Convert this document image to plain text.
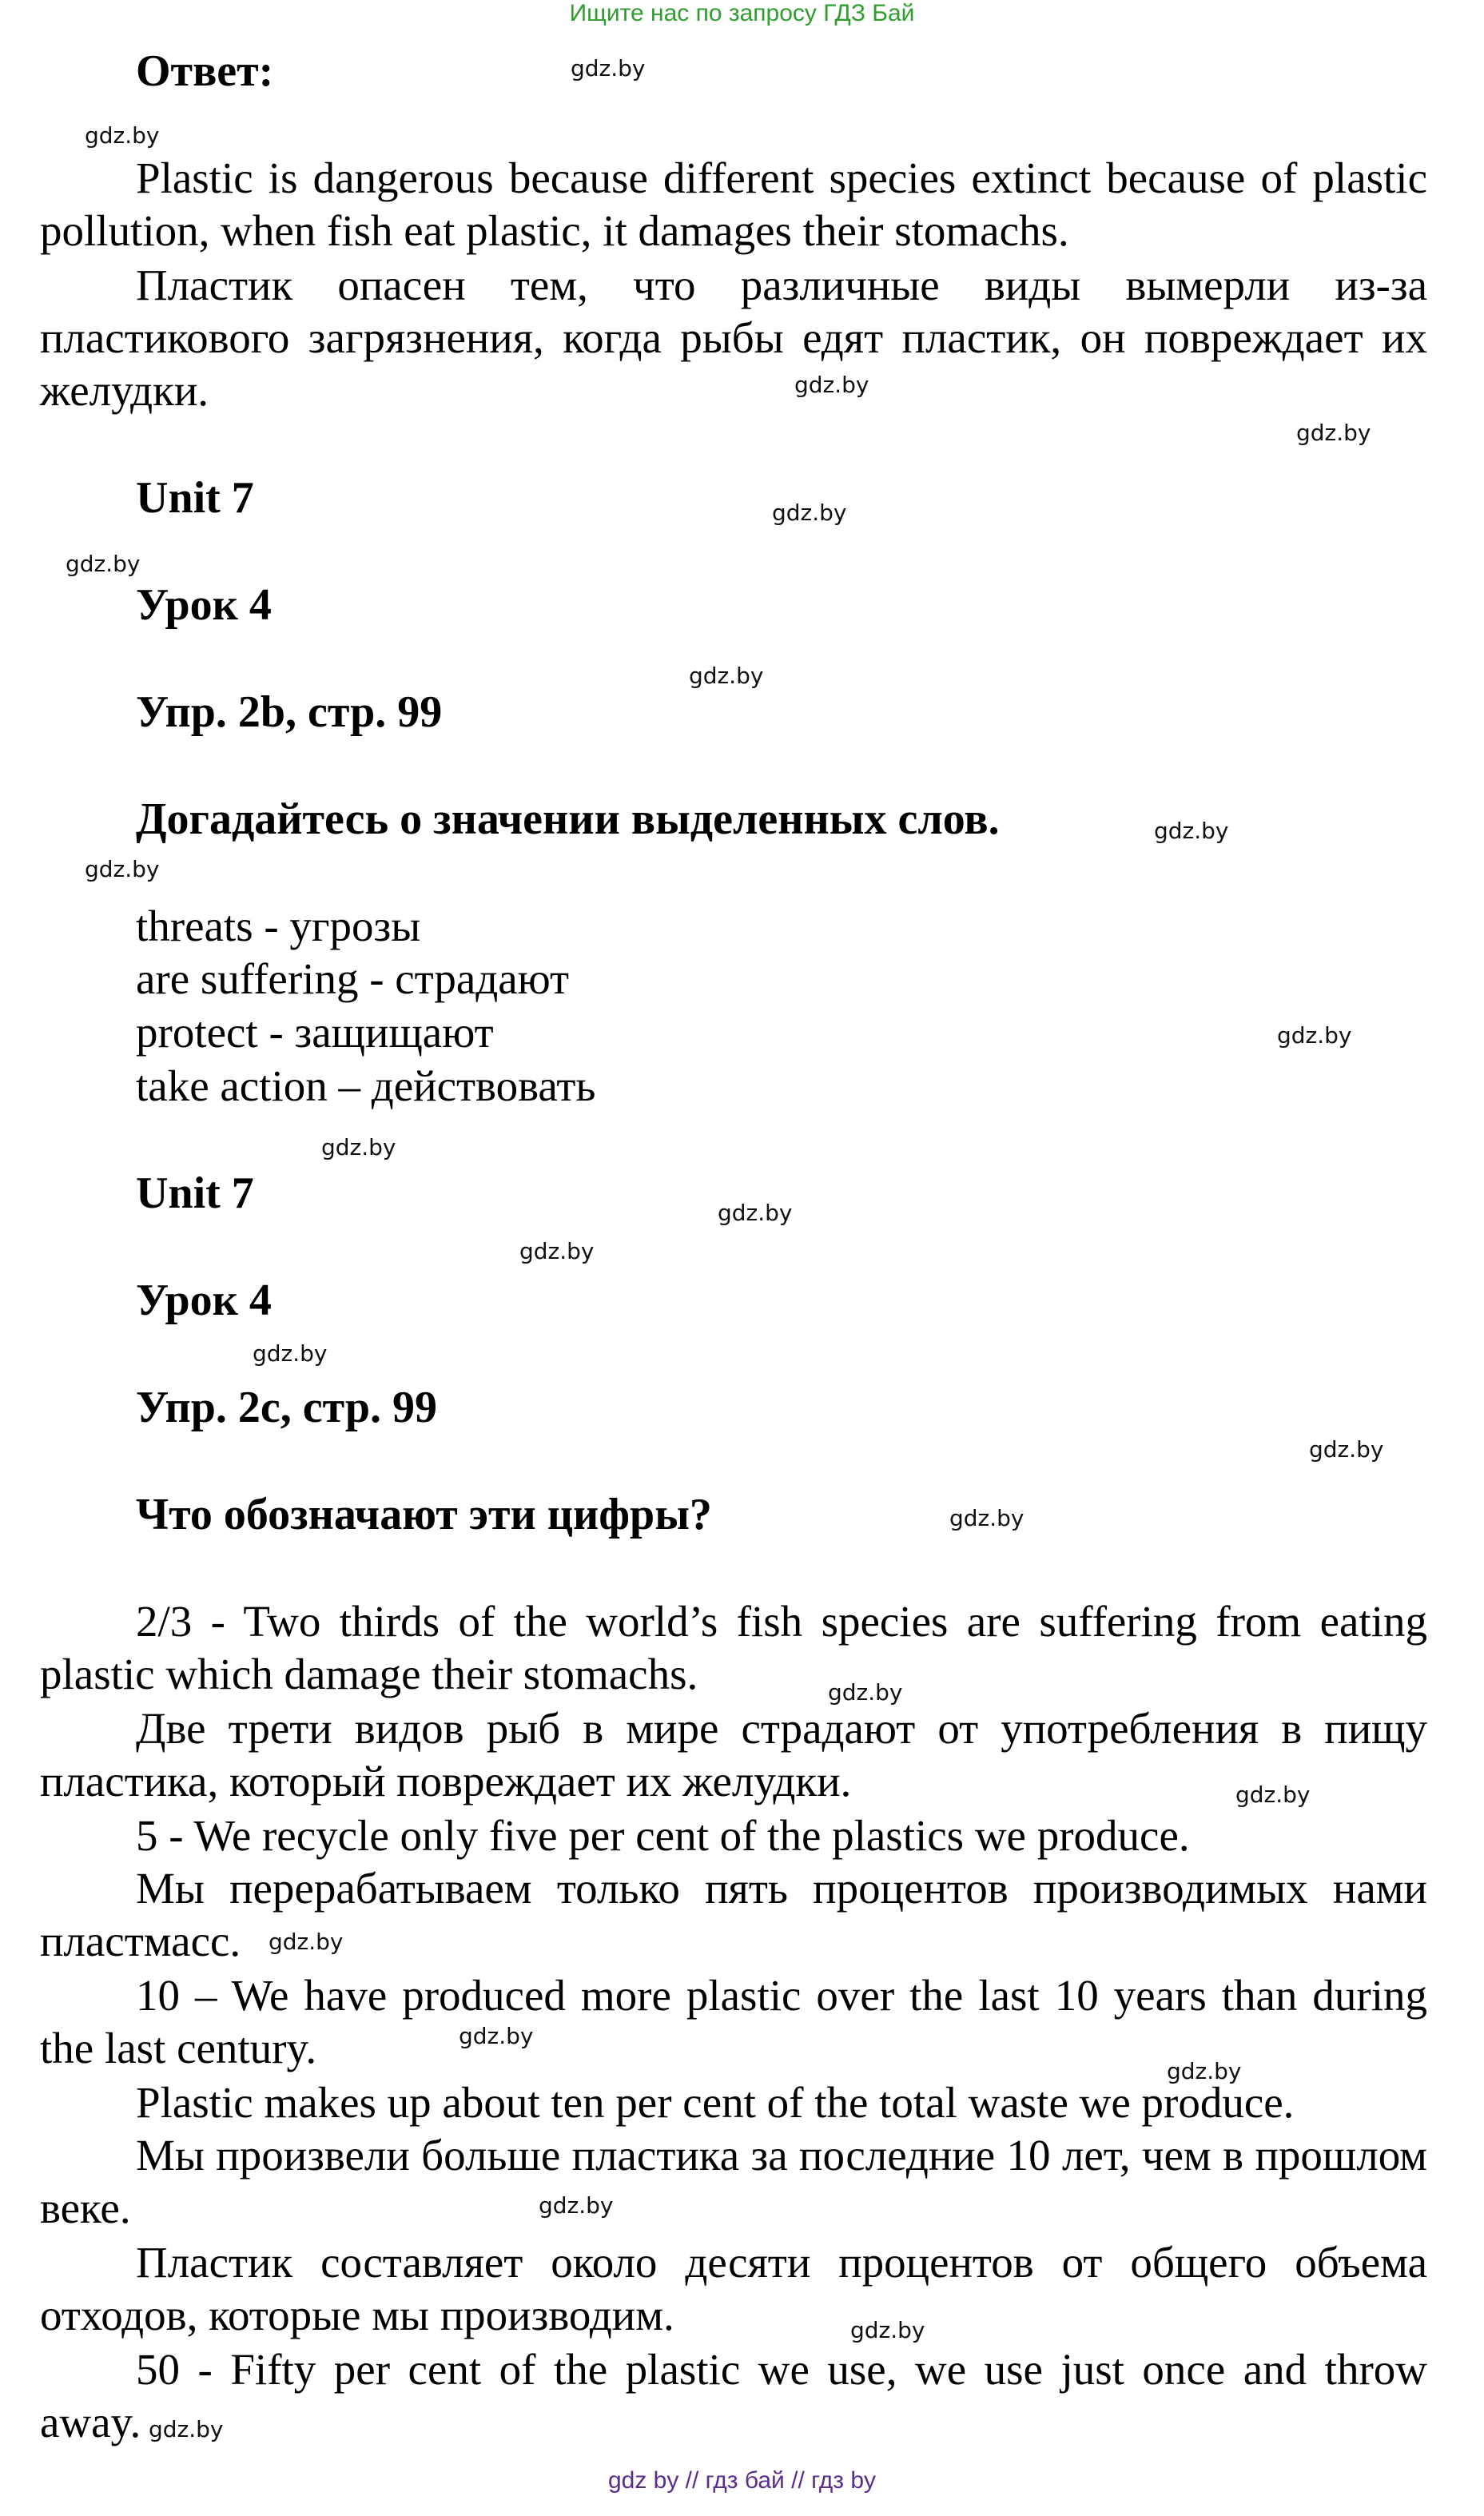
Ищите нас по запросу ГДЗ Бай
Ответ:

Plastic is dangerous because different species extinct because of plastic pollution, when fish eat plastic, it damages their stomachs.

Пластик опасен тем, что различные виды вымерли из-за пластикового загрязнения, когда рыбы едят пластик, он повреждает их желудки.

Unit 7
Урок 4
Упр. 2b, стр. 99
Догадайтесь о значении выделенных слов.
threats - угрозы
are suffering - страдают
protect - защищают
take action – действовать
Unit 7
Урок 4
Упр. 2c, стр. 99
Что обозначают эти цифры?

2/3 - Two thirds of the world’s fish species are suffering from eating plastic which damage their stomachs.

Две трети видов рыб в мире страдают от употребления в пищу пластика, который повреждает их желудки.

5 - We recycle only five per cent of the plastics we produce.

Мы перерабатываем только пять процентов производимых нами пластмасс.

10 – We have produced more plastic over the last 10 years than during the last century.

Plastic makes up about ten per cent of the total waste we produce.

Мы произвели больше пластика за последние 10 лет, чем в прошлом веке.

Пластик составляет около десяти процентов от общего объема отходов, которые мы производим.

50 - Fifty per cent of the plastic we use, we use just once and throw away.

gdz.by
gdz.by
gdz.by
gdz.by
gdz.by
gdz.by
gdz.by
gdz.by
gdz.by
gdz.by
gdz.by
gdz.by
gdz.by
gdz.by
gdz.by
gdz.by
gdz.by
gdz.by
gdz.by
gdz.by
gdz.by
gdz.by
gdz.by
gdz.by
gdz by // гдз бай // гдз by
